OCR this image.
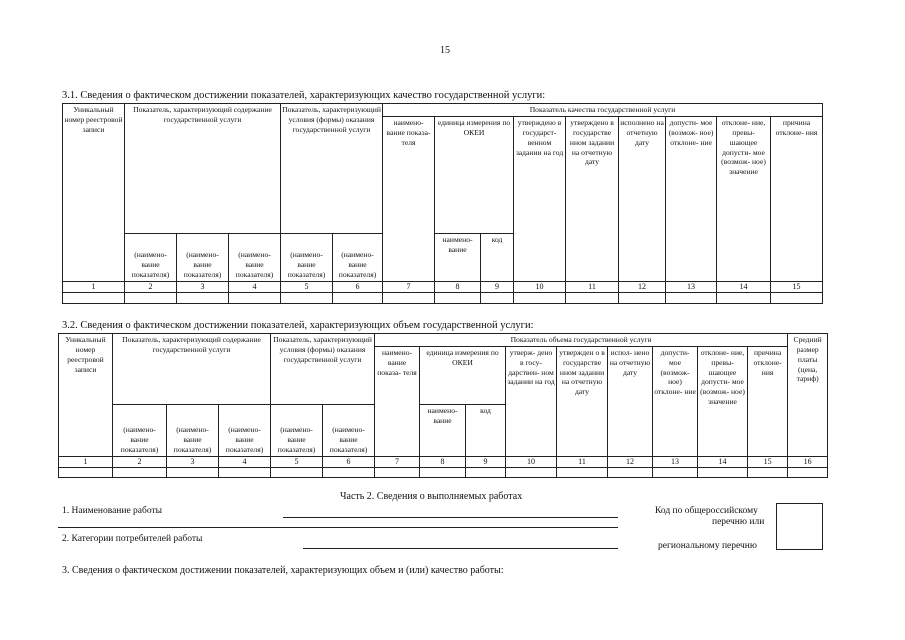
15
3.1. Сведения о фактическом достижении показателей, характеризующих качество государственной услуги:
Уникальный номер реестровой записи	Показатель, характеризующий содержание государственной услуги			Показатель, характеризующий условия (формы) оказания государственной услуги		Показатель качества государственной услуги								
						наимено- вание показа- теля	единица измерения по ОКЕИ		утверждено в государст- венном задании на год	утверждено в государстве нном задании на отчетную дату	исполнено на отчетную дату	допусти- мое (возмож- ное) отклоне- ние	отклоне- ние, превы- шающее допусти- мое (возмож- ное) значение	причина отклоне- ния
	(наимено- вание показателя)	(наимено- вание показателя)	(наимено- вание показателя)	(наимено- вание показателя)	(наимено- вание показателя)		наимено- вание	код						
1	2	3	4	5	6	7	8	9	10	11	12	13	14	15

3.2. Сведения о фактическом достижении показателей, характеризующих объем государственной услуги:
Уникальный номер реестровой записи	Показатель, характеризующий содержание государственной услуги			Показатель, характеризующий условия (формы) оказания государственной услуги		Показатель объема государственной услуги									Средний размер платы (цена, тариф)
						наимено- вание показа- теля	единица измерения по ОКЕИ		утверж- дено в госу- дарствен- ном задании на год	утвержден о в государстве нном задании на отчетную дату	испол- нено на отчетную дату	допусти- мое (возмож- ное) отклоне- ние	отклоне- ние, превы- шающее допусти- мое (возмож- ное) значение	причина отклоне- ния	
	(наимено- вание показателя)	(наимено- вание показателя)	(наимено- вание показателя)	(наимено- вание показателя)	(наимено- вание показателя)		наимено- вание	код							
1	2	3	4	5	6	7	8	9	10	11	12	13	14	15	16

Часть 2. Сведения о выполняемых работах
1. Наименование работы
2. Категории потребителей работы
Код по общероссийскому
перечню или
региональному перечню
3. Сведения о фактическом достижении показателей, характеризующих объем и (или) качество работы:
